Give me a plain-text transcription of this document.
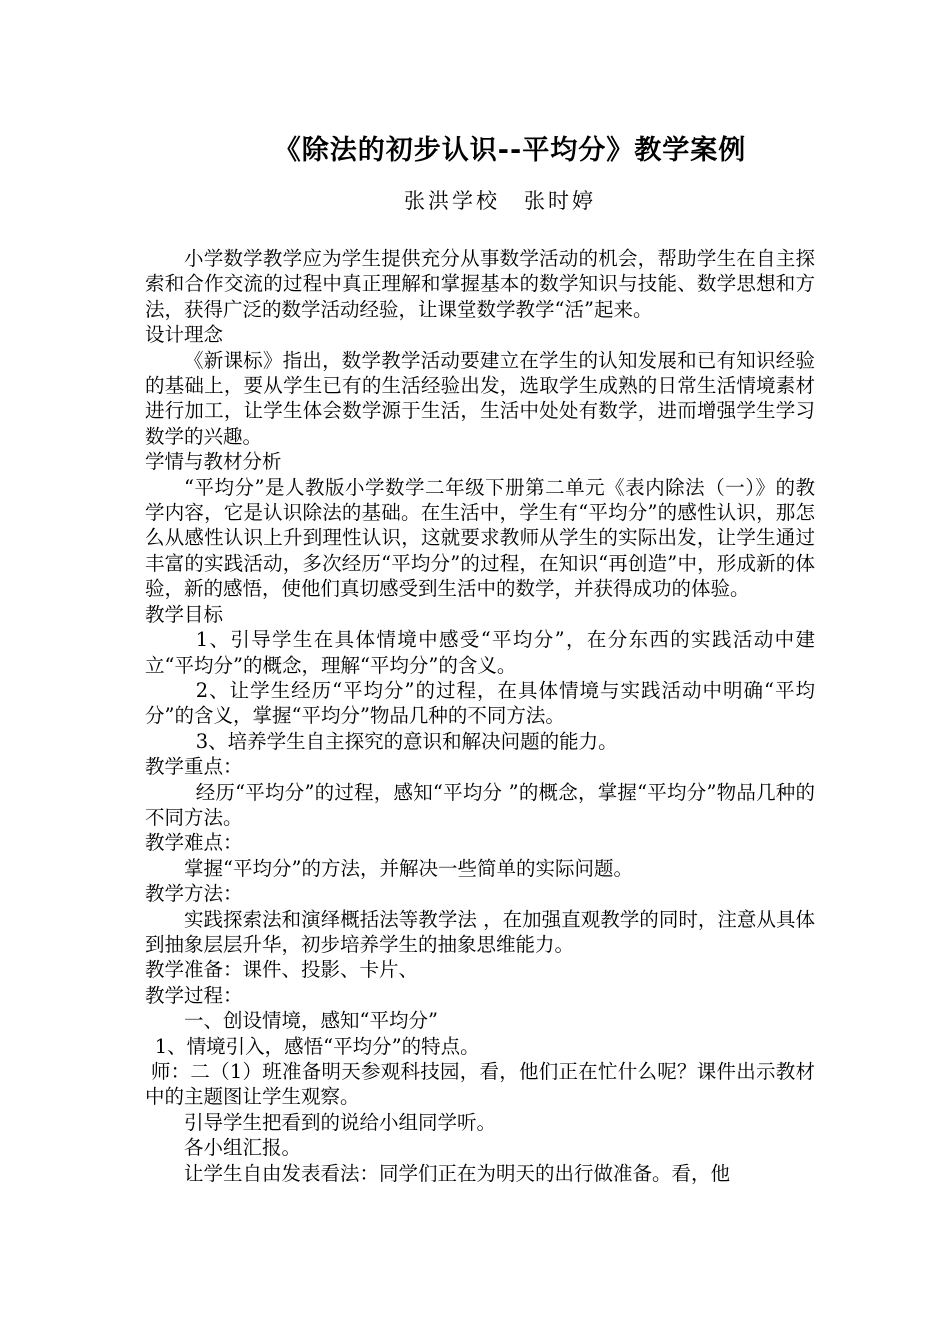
《除法的初步认识--平均分》教学案例
张洪学校 张时婷

小学数学教学应为学生提供充分从事数学活动的机会，帮助学生在自主探索和合作交流的过程中真正理解和掌握基本的数学知识与技能、数学思想和方法，获得广泛的数学活动经验，让课堂数学教学“活”起来。

设计理念

《新课标》指出，数学教学活动要建立在学生的认知发展和已有知识经验的基础上，要从学生已有的生活经验出发，选取学生成熟的日常生活情境素材进行加工，让学生体会数学源于生活，生活中处处有数学，进而增强学生学习数学的兴趣。

学情与教材分析

“平均分”是人教版小学数学二年级下册第二单元《表内除法（一）》的教学内容，它是认识除法的基础。在生活中，学生有“平均分”的感性认识，那怎么从感性认识上升到理性认识，这就要求教师从学生的实际出发，让学生通过丰富的实践活动，多次经历“平均分”的过程，在知识“再创造”中，形成新的体验，新的感悟，使他们真切感受到生活中的数学，并获得成功的体验。

教学目标

1、引导学生在具体情境中感受“平均分”，在分东西的实践活动中建立“平均分”的概念，理解“平均分”的含义。

2、让学生经历“平均分”的过程，在具体情境与实践活动中明确“平均分”的含义，掌握“平均分”物品几种的不同方法。

3、培养学生自主探究的意识和解决问题的能力。

教学重点：

经历“平均分”的过程，感知“平均分 ”的概念，掌握“平均分”物品几种的不同方法。

教学难点：

掌握“平均分”的方法，并解决一些简单的实际问题。

教学方法：

实践探索法和演绎概括法等教学法 ，在加强直观教学的同时，注意从具体到抽象层层升华，初步培养学生的抽象思维能力。

教学准备：课件、投影、卡片、

教学过程：

一、创设情境，感知“平均分”

1、情境引入，感悟“平均分”的特点。

师：二（1）班准备明天参观科技园，看，他们正在忙什么呢？课件出示教材中的主题图让学生观察。

引导学生把看到的说给小组同学听。

各小组汇报。

让学生自由发表看法：同学们正在为明天的出行做准备。看，他
